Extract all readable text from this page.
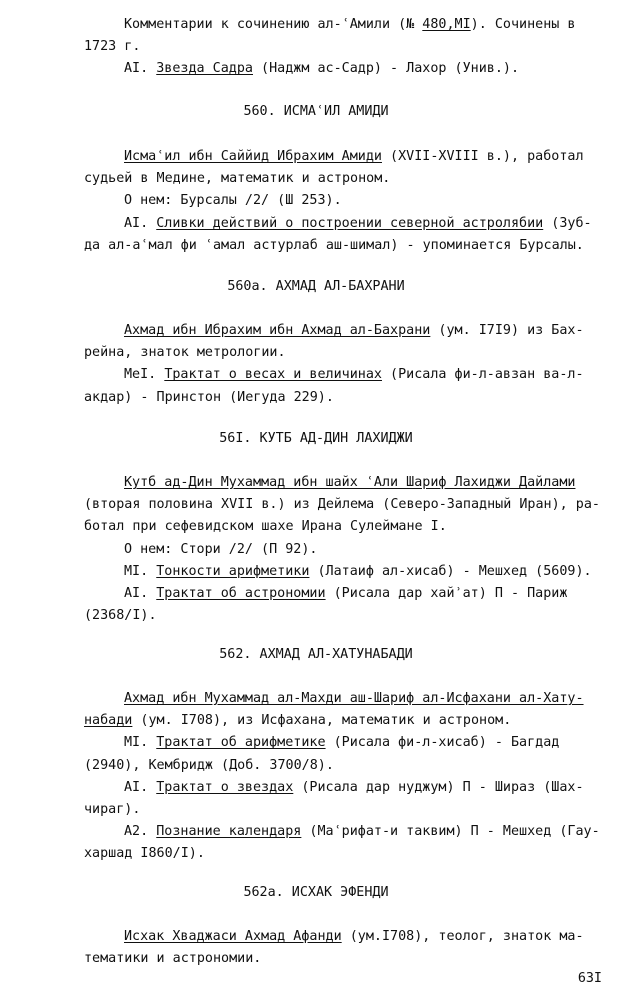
Комментарии к сочинению ал-ʿАмили (№ 480,МI). Сочинены в
1723 г.
AI. Звезда Садра (Наджм ас-Садр) - Лахор (Унив.).
560. ИСМАʿИЛ АМИДИ
Исмаʿил ибн Саййид Ибрахим Амиди (XVII-XVIII в.), работал
судьей в Медине, математик и астроном.
О нем: Бурсалы /2/ (Ш 253).
AI. Сливки действий о построении северной астролябии (Зуб-
да ал-аʿмал фи ʿамал астурлаб аш-шимал) - упоминается Бурсалы.
560а. АХМАД АЛ-БАХРАНИ
Ахмад ибн Ибрахим ибн Ахмад ал-Бахрани (ум. I7I9) из Бах-
рейна, знаток метрологии.
МеI. Трактат о весах и величинах (Рисала фи-л-авзан ва-л-
акдар) - Принстон (Иегуда 229).
56I. КУТБ АД-ДИН ЛАХИДЖИ
Кутб ад-Дин Мухаммад ибн шайх ʿАли Шариф Лахиджи Дайлами
(вторая половина XVII в.) из Дейлема (Северо-Западный Иран), ра-
ботал при сефевидском шахе Ирана Сулеймане I.
О нем: Стори /2/ (П 92).
МI. Тонкости арифметики (Латаиф ал-хисаб) - Мешхед (5609).
AI. Трактат об астрономии (Рисала дар хайʾат) П - Париж
(2368/I).
562. АХМАД АЛ-ХАТУНАБАДИ
Ахмад ибн Мухаммад ал-Махди аш-Шариф ал-Исфахани ал-Хату-
набади (ум. I708), из Исфахана, математик и астроном.
МI. Трактат об арифметике (Рисала фи-л-хисаб) - Багдад
(2940), Кембридж (Доб. 3700/8).
AI. Трактат о звездах (Рисала дар нуджум) П - Шираз (Шах-
чираг).
А2. Познание календаря (Маʿрифат-и таквим) П - Мешхед (Гау-
харшад I860/I).
562а. ИСХАК ЭФЕНДИ
Исхак Хваджаси Ахмад Афанди (ум.I708), теолог, знаток ма-
тематики и астрономии.
63I
